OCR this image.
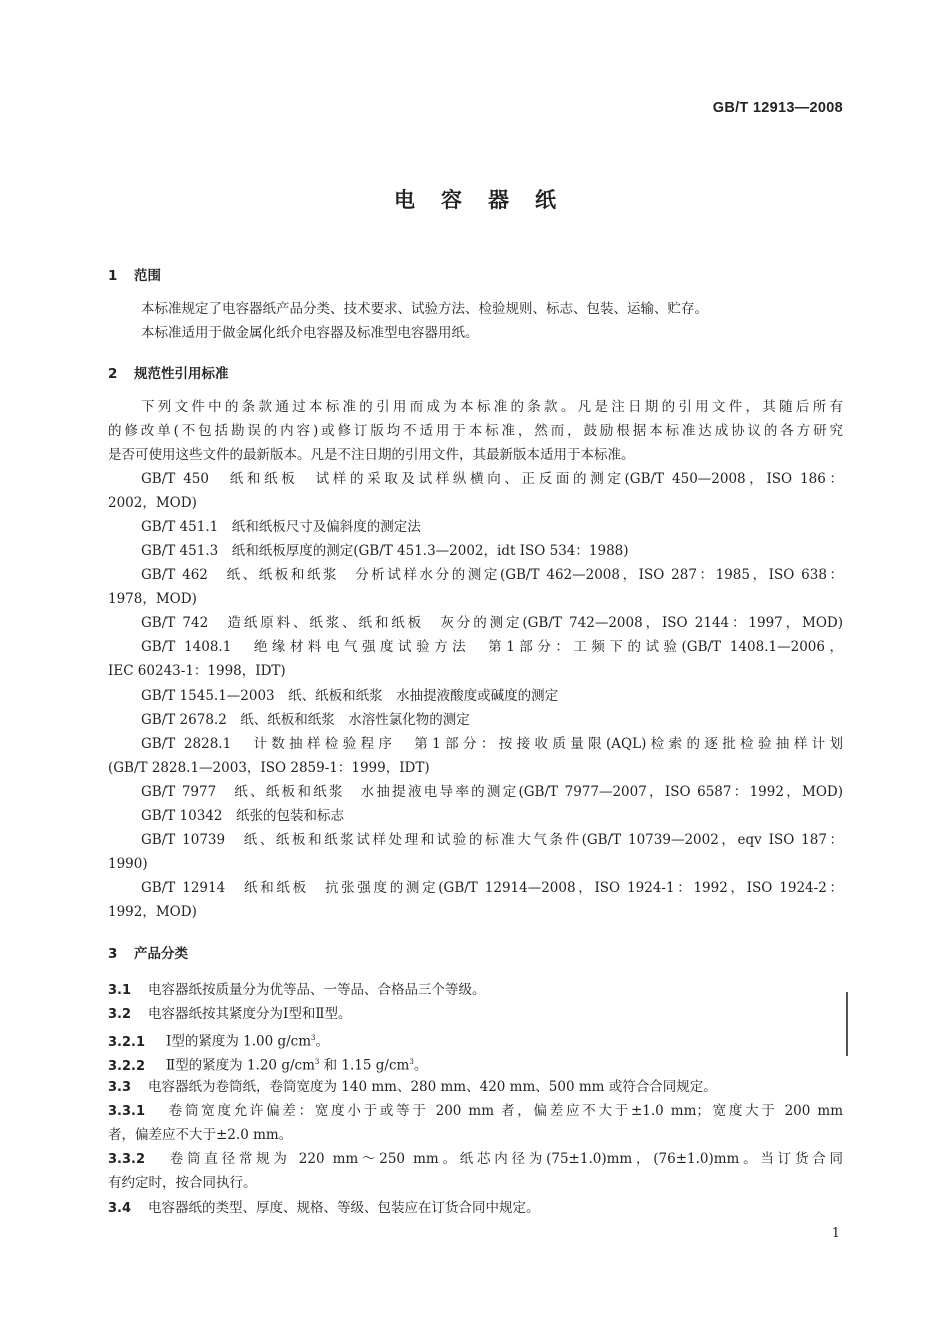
GB/T 12913—2008
电容器纸
1 范围
本标准规定了电容器纸产品分类、技术要求、试验方法、检验规则、标志、包装、运输、贮存。
本标准适用于做金属化纸介电容器及标准型电容器用纸。
2 规范性引用标准
下列文件中的条款通过本标准的引用而成为本标准的条款。凡是注日期的引用文件，其随后所有
的修改单(不包括勘误的内容)或修订版均不适用于本标准，然而，鼓励根据本标准达成协议的各方研究
是否可使用这些文件的最新版本。凡是不注日期的引用文件，其最新版本适用于本标准。
GB/T 450　纸和纸板　试样的采取及试样纵横向、正反面的测定(GB/T 450—2008，ISO 186：
2002，MOD)
GB/T 451.1　纸和纸板尺寸及偏斜度的测定法
GB/T 451.3　纸和纸板厚度的测定(GB/T 451.3—2002，idt ISO 534：1988)
GB/T 462　纸、纸板和纸浆　分析试样水分的测定(GB/T 462—2008，ISO 287：1985，ISO 638：
1978，MOD)
GB/T 742　造纸原料、纸浆、纸和纸板　灰分的测定(GB/T 742—2008，ISO 2144：1997，MOD)
GB/T 1408.1　绝缘材料电气强度试验方法　第1部分：工频下的试验(GB/T 1408.1—2006，
IEC 60243-1：1998，IDT)
GB/T 1545.1—2003　纸、纸板和纸浆　水抽提液酸度或碱度的测定
GB/T 2678.2　纸、纸板和纸浆　水溶性氯化物的测定
GB/T 2828.1　计数抽样检验程序　第1部分：按接收质量限(AQL)检索的逐批检验抽样计划
(GB/T 2828.1—2003，ISO 2859-1：1999，IDT)
GB/T 7977　纸、纸板和纸浆　水抽提液电导率的测定(GB/T 7977—2007，ISO 6587：1992，MOD)
GB/T 10342　纸张的包装和标志
GB/T 10739　纸、纸板和纸浆试样处理和试验的标准大气条件(GB/T 10739—2002，eqv ISO 187：
1990)
GB/T 12914　纸和纸板　抗张强度的测定(GB/T 12914—2008，ISO 1924-1：1992，ISO 1924-2：
1992，MOD)
3 产品分类
3.1 电容器纸按质量分为优等品、一等品、合格品三个等级。
3.2 电容器纸按其紧度分为Ⅰ型和Ⅱ型。
3.2.1 Ⅰ型的紧度为 1.00 $g/cm^3$。
3.2.2 Ⅱ型的紧度为 1.20 $g/cm^3$ 和 1.15 $g/cm^3$。
3.3 电容器纸为卷筒纸，卷筒宽度为 140 mm、280 mm、420 mm、500 mm 或符合合同规定。
3.3.1 卷筒宽度允许偏差：宽度小于或等于 200 mm 者，偏差应不大于±1.0 mm；宽度大于 200 mm
者，偏差应不大于±2.0 mm。
3.3.2 卷筒直径常规为 220 mm～250 mm。纸芯内径为(75±1.0)mm，(76±1.0)mm。当订货合同
有约定时，按合同执行。
3.4 电容器纸的类型、厚度、规格、等级、包装应在订货合同中规定。
1
